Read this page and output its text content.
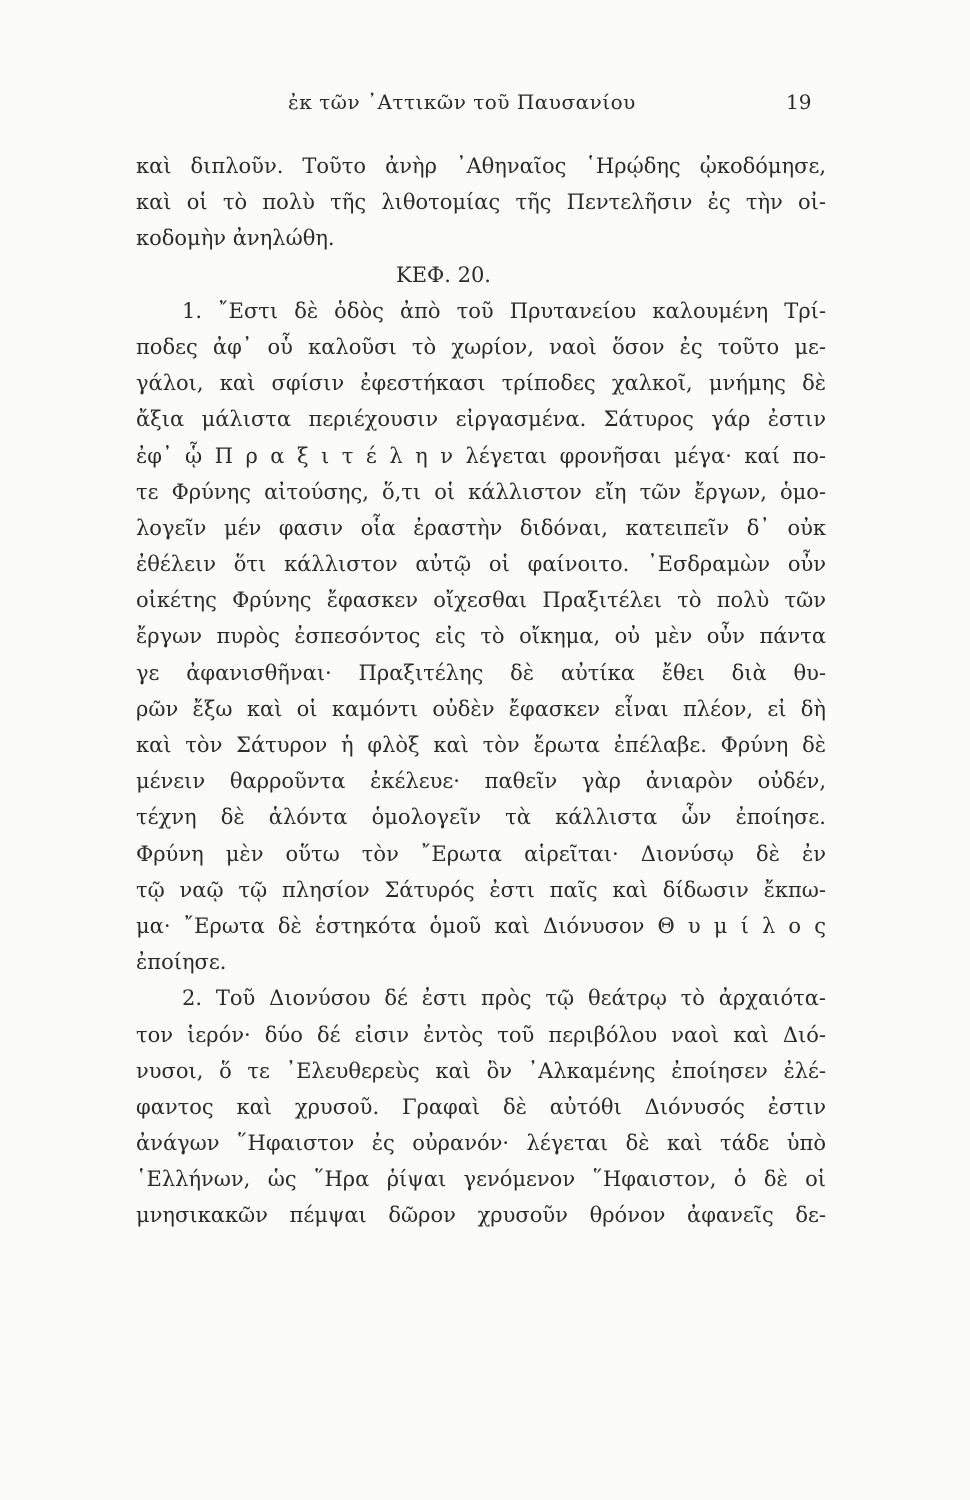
ἐκ τῶν ᾿Αττικῶν τοῦ Παυσανίου	19
καὶ διπλοῦν. Τοῦτο ἀνὴρ ᾿Αθηναῖος ῾Ηρῴδης ᾠκοδόμησε,
καὶ οἱ τὸ πολὺ τῆς λιθοτομίας τῆς Πεντελῆσιν ἐς τὴν οἰ-
κοδομὴν ἀνηλώθη.
ΚΕΦ. 20.
1. ῎Εστι δὲ ὁδὸς ἀπὸ τοῦ Πρυτανείου καλουμένη Τρί-
ποδες ἀφ᾿ οὗ καλοῦσι τὸ χωρίον, ναοὶ ὅσον ἐς τοῦτο με-
γάλοι, καὶ σφίσιν ἐφεστήκασι τρίποδες χαλκοῖ, μνήμης δὲ
ἄξια μάλιστα περιέχουσιν εἰργασμένα. Σάτυρος γάρ ἐστιν
ἐφ᾿ ᾧ Π ρ α ξ ι τ έ λ η ν λέγεται φρονῆσαι μέγα· καί πο-
τε Φρύνης αἰτούσης, ὅ,τι οἱ κάλλιστον εἴη τῶν ἔργων, ὁμο-
λογεῖν μέν φασιν οἷα ἐραστὴν διδόναι, κατειπεῖν δ᾿ οὐκ
ἐθέλειν ὅτι κάλλιστον αὐτῷ οἱ φαίνοιτο. ᾿Εσδραμὼν οὖν
οἰκέτης Φρύνης ἔφασκεν οἴχεσθαι Πραξιτέλει τὸ πολὺ τῶν
ἔργων πυρὸς ἐσπεσόντος εἰς τὸ οἴκημα, οὐ μὲν οὖν πάντα
γε ἀφανισθῆναι· Πραξιτέλης δὲ αὐτίκα ἔθει διὰ θυ-
ρῶν ἔξω καὶ οἱ καμόντι οὐδὲν ἔφασκεν εἶναι πλέον, εἰ δὴ
καὶ τὸν Σάτυρον ἡ φλὸξ καὶ τὸν ἔρωτα ἐπέλαβε. Φρύνη δὲ
μένειν θαρροῦντα ἐκέλευε· παθεῖν γὰρ ἀνιαρὸν οὐδέν,
τέχνη δὲ ἁλόντα ὁμολογεῖν τὰ κάλλιστα ὧν ἐποίησε.
Φρύνη μὲν οὕτω τὸν ῎Ερωτα αἱρεῖται· Διονύσῳ δὲ ἐν
τῷ ναῷ τῷ πλησίον Σάτυρός ἐστι παῖς καὶ δίδωσιν ἔκπω-
μα· ῎Ερωτα δὲ ἑστηκότα ὁμοῦ καὶ Διόνυσον Θ υ μ ί λ ο ς
ἐποίησε.
2. Τοῦ Διονύσου δέ ἐστι πρὸς τῷ θεάτρῳ τὸ ἀρχαιότα-
τον ἱερόν· δύο δέ εἰσιν ἐντὸς τοῦ περιβόλου ναοὶ καὶ Διό-
νυσοι, ὅ τε ᾿Ελευθερεὺς καὶ ὃν ᾿Αλκαμένης ἐποίησεν ἐλέ-
φαντος καὶ χρυσοῦ. Γραφαὶ δὲ αὐτόθι Διόνυσός ἐστιν
ἀνάγων ῞Ηφαιστον ἐς οὐρανόν· λέγεται δὲ καὶ τάδε ὑπὸ
῾Ελλήνων, ὡς ῞Ηρα ῥίψαι γενόμενον ῞Ηφαιστον, ὁ δὲ οἱ
μνησικακῶν πέμψαι δῶρον χρυσοῦν θρόνον ἀφανεῖς δε-
